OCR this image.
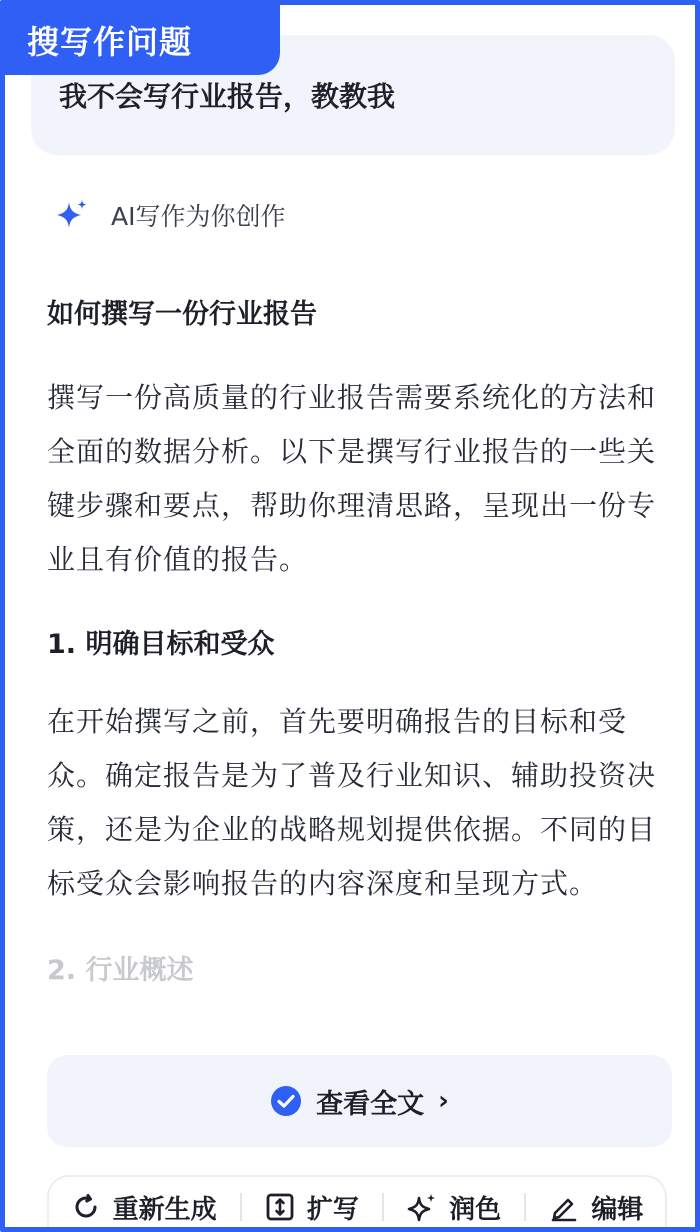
搜写作问题
我不会写行业报告，教教我
AI写作为你创作
如何撰写一份行业报告
撰写一份高质量的行业报告需要系统化的方法和全面的数据分析。以下是撰写行业报告的一些关键步骤和要点，帮助你理清思路，呈现出一份专业且有价值的报告。
1. 明确目标和受众
在开始撰写之前，首先要明确报告的目标和受众。确定报告是为了普及行业知识、辅助投资决策，还是为企业的战略规划提供依据。不同的目标受众会影响报告的内容深度和呈现方式。
2. 行业概述
查看全文 ›
重新生成	扩写	润色	编辑
